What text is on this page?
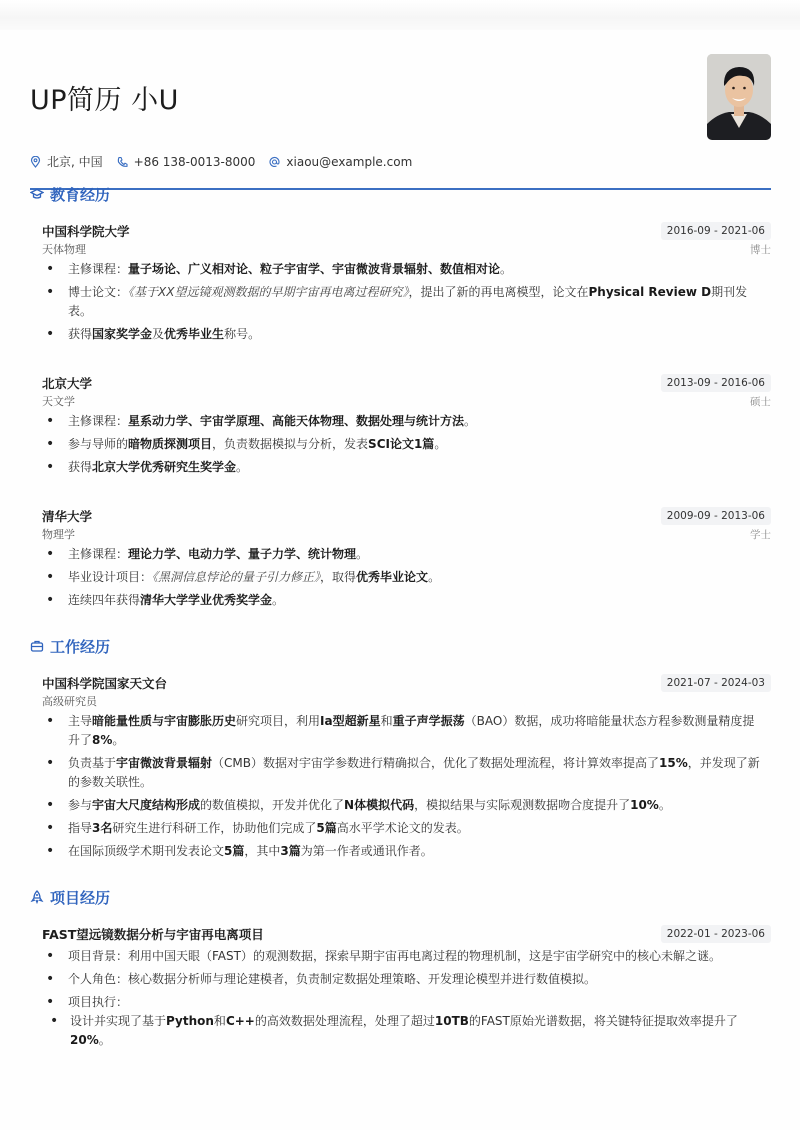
UP简历 小U
北京, 中国	+86 138-0013-8000	xiaou@example.com
教育经历
中国科学院大学	2016-09 - 2021-06
天体物理	博士
• 主修课程：量子场论、广义相对论、粒子宇宙学、宇宙微波背景辐射、数值相对论。
• 博士论文：《基于XX望远镜观测数据的早期宇宙再电离过程研究》，提出了新的再电离模型，论文在Physical Review D期刊发表。
• 获得国家奖学金及优秀毕业生称号。
北京大学	2013-09 - 2016-06
天文学	硕士
• 主修课程：星系动力学、宇宙学原理、高能天体物理、数据处理与统计方法。
• 参与导师的暗物质探测项目，负责数据模拟与分析，发表SCI论文1篇。
• 获得北京大学优秀研究生奖学金。
清华大学	2009-09 - 2013-06
物理学	学士
• 主修课程：理论力学、电动力学、量子力学、统计物理。
• 毕业设计项目：《黑洞信息悖论的量子引力修正》，取得优秀毕业论文。
• 连续四年获得清华大学学业优秀奖学金。
工作经历
中国科学院国家天文台	2021-07 - 2024-03
高级研究员
• 主导暗能量性质与宇宙膨胀历史研究项目，利用Ia型超新星和重子声学振荡（BAO）数据，成功将暗能量状态方程参数测量精度提升了8%。
• 负责基于宇宙微波背景辐射（CMB）数据对宇宙学参数进行精确拟合，优化了数据处理流程，将计算效率提高了15%，并发现了新的参数关联性。
• 参与宇宙大尺度结构形成的数值模拟，开发并优化了N体模拟代码，模拟结果与实际观测数据吻合度提升了10%。
• 指导3名研究生进行科研工作，协助他们完成了5篇高水平学术论文的发表。
• 在国际顶级学术期刊发表论文5篇，其中3篇为第一作者或通讯作者。
项目经历
FAST望远镜数据分析与宇宙再电离项目	2022-01 - 2023-06
• 项目背景：利用中国天眼（FAST）的观测数据，探索早期宇宙再电离过程的物理机制，这是宇宙学研究中的核心未解之谜。
• 个人角色：核心数据分析师与理论建模者，负责制定数据处理策略、开发理论模型并进行数值模拟。
• 项目执行：
• 设计并实现了基于Python和C++的高效数据处理流程，处理了超过10TB的FAST原始光谱数据，将关键特征提取效率提升了20%。
